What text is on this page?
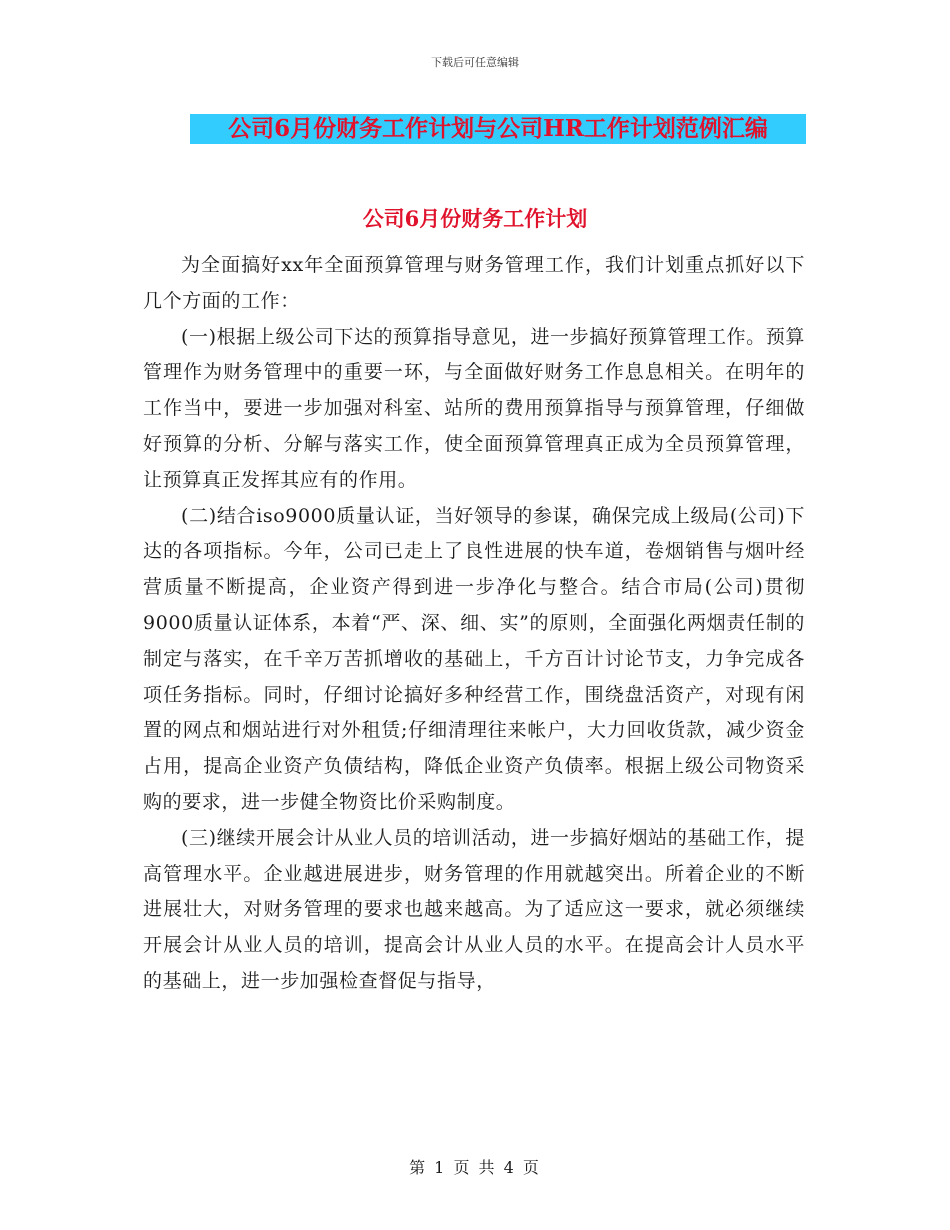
下载后可任意编辑
公司6月份财务工作计划与公司HR工作计划范例汇编
公司6月份财务工作计划

为全面搞好xx年全面预算管理与财务管理工作，我们计划重点抓好以下几个方面的工作：

(一)根据上级公司下达的预算指导意见，进一步搞好预算管理工作。预算管理作为财务管理中的重要一环，与全面做好财务工作息息相关。在明年的工作当中，要进一步加强对科室、站所的费用预算指导与预算管理，仔细做好预算的分析、分解与落实工作，使全面预算管理真正成为全员预算管理，让预算真正发挥其应有的作用。

(二)结合iso9000质量认证，当好领导的参谋，确保完成上级局(公司)下达的各项指标。今年，公司已走上了良性进展的快车道，卷烟销售与烟叶经营质量不断提高，企业资产得到进一步净化与整合。结合市局(公司)贯彻9000质量认证体系，本着“严、深、细、实”的原则，全面强化两烟责任制的制定与落实，在千辛万苦抓增收的基础上，千方百计讨论节支，力争完成各项任务指标。同时，仔细讨论搞好多种经营工作，围绕盘活资产，对现有闲置的网点和烟站进行对外租赁;仔细清理往来帐户，大力回收货款，减少资金占用，提高企业资产负债结构，降低企业资产负债率。根据上级公司物资采购的要求，进一步健全物资比价采购制度。

(三)继续开展会计从业人员的培训活动，进一步搞好烟站的基础工作，提高管理水平。企业越进展进步，财务管理的作用就越突出。所着企业的不断进展壮大，对财务管理的要求也越来越高。为了适应这一要求，就必须继续开展会计从业人员的培训，提高会计从业人员的水平。在提高会计人员水平的基础上，进一步加强检查督促与指导，

第 1 页 共 4 页
